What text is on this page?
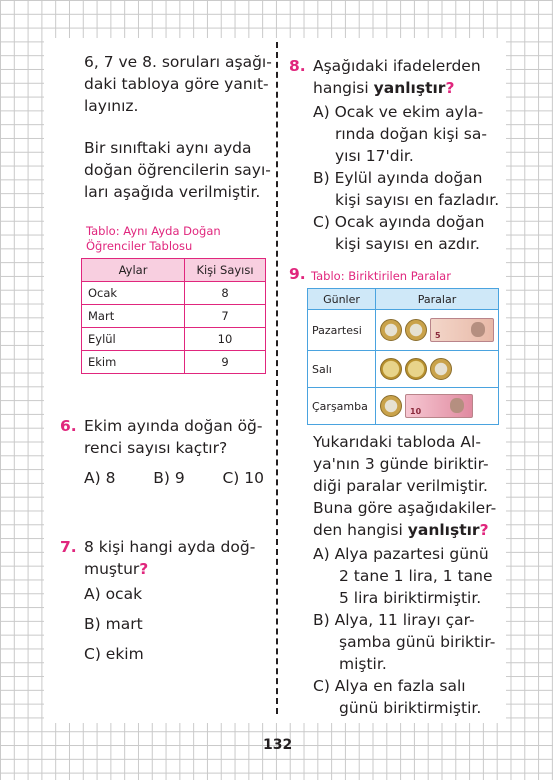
6, 7 ve 8. soruları aşağı-
daki tabloya göre yanıt-
layınız.
Bir sınıftaki aynı ayda
doğan öğrencilerin sayı-
ları aşağıda verilmiştir.
Tablo: Aynı Ayda Doğan
Öğrenciler Tablosu
Aylar	Kişi Sayısı
Ocak	8
Mart	7
Eylül	10
Ekim	9
6. Ekim ayında doğan öğ-
renci sayısı kaçtır?
A) 8 B) 9 C) 10
7. 8 kişi hangi ayda doğ-
muştur?
A) ocak
B) mart
C) ekim
8. Aşağıdaki ifadelerden
hangisi yanlıştır?
A) Ocak ve ekim ayla-
rında doğan kişi sa-
yısı 17'dir.
B) Eylül ayında doğan
kişi sayısı en fazladır.
C) Ocak ayında doğan
kişi sayısı en azdır.
9. Tablo: Biriktirilen Paralar
Günler	Paralar
Pazartesi	5

Salı	

Çarşamba	10
Yukarıdaki tabloda Al-
ya'nın 3 günde biriktir-
diği paralar verilmiştir.
Buna göre aşağıdakiler-
den hangisi yanlıştır?
A) Alya pazartesi günü
2 tane 1 lira, 1 tane
5 lira biriktirmiştir.
B) Alya, 11 lirayı çar-
şamba günü biriktir-
miştir.
C) Alya en fazla salı
günü biriktirmiştir.
132
